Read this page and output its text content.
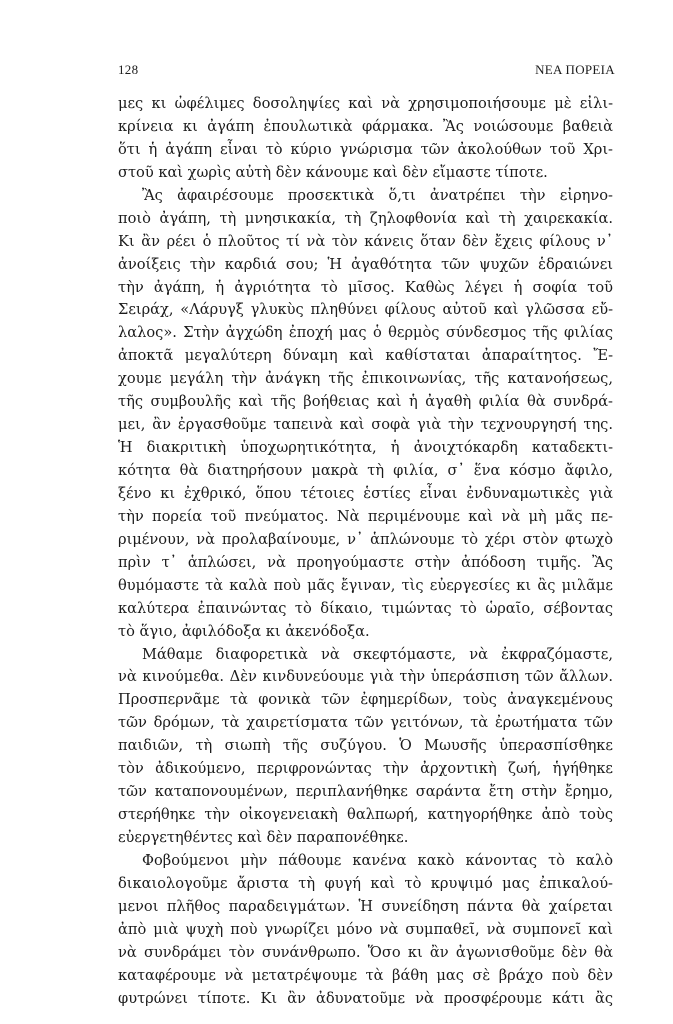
128	ΝΕΑ ΠΟΡΕΙΑ
μες κι ὠφέλιμες δοσοληψίες καὶ νὰ χρησιμοποιήσουμε μὲ εἰλι-
κρίνεια κι ἀγάπη ἐπουλωτικὰ φάρμακα. Ἂς νοιώσουμε βαθειὰ
ὅτι ἡ ἀγάπη εἶναι τὸ κύριο γνώρισμα τῶν ἀκολούθων τοῦ Χρι-
στοῦ καὶ χωρὶς αὐτὴ δὲν κάνουμε καὶ δὲν εἴμαστε τίποτε.
Ἂς ἀφαιρέσουμε προσεκτικὰ ὅ,τι ἀνατρέπει τὴν εἰρηνο-
ποιὸ ἀγάπη, τὴ μνησικακία, τὴ ζηλοφθονία καὶ τὴ χαιρεκακία.
Κι ἂν ρέει ὁ πλοῦτος τί νὰ τὸν κάνεις ὅταν δὲν ἔχεις φίλους ν᾽
ἀνοίξεις τὴν καρδιά σου; Ἡ ἀγαθότητα τῶν ψυχῶν ἑδραιώνει
τὴν ἀγάπη, ἡ ἀγριότητα τὸ μῖσος. Καθὼς λέγει ἡ σοφία τοῦ
Σειράχ, «Λάρυγξ γλυκὺς πληθύνει φίλους αὐτοῦ καὶ γλῶσσα εὔ-
λαλος». Στὴν ἀγχώδη ἐποχή μας ὁ θερμὸς σύνδεσμος τῆς φιλίας
ἀποκτᾶ μεγαλύτερη δύναμη καὶ καθίσταται ἀπαραίτητος. Ἔ-
χουμε μεγάλη τὴν ἀνάγκη τῆς ἐπικοινωνίας, τῆς κατανοήσεως,
τῆς συμβουλῆς καὶ τῆς βοήθειας καὶ ἡ ἀγαθὴ φιλία θὰ συνδρά-
μει, ἂν ἐργασθοῦμε ταπεινὰ καὶ σοφὰ γιὰ τὴν τεχνουργησή της.
Ἡ διακριτικὴ ὑποχωρητικότητα, ἡ ἀνοιχτόκαρδη καταδεκτι-
κότητα θὰ διατηρήσουν μακρὰ τὴ φιλία, σ᾽ ἕνα κόσμο ἄφιλο,
ξένο κι ἐχθρικό, ὅπου τέτοιες ἑστίες εἶναι ἐνδυναμωτικὲς γιὰ
τὴν πορεία τοῦ πνεύματος. Νὰ περιμένουμε καὶ νὰ μὴ μᾶς πε-
ριμένουν, νὰ προλαβαίνουμε, ν᾽ ἁπλώνουμε τὸ χέρι στὸν φτωχὸ
πρὶν τ᾽ ἁπλώσει, νὰ προηγούμαστε στὴν ἀπόδοση τιμῆς. Ἂς
θυμόμαστε τὰ καλὰ ποὺ μᾶς ἔγιναν, τὶς εὐεργεσίες κι ἂς μιλᾶμε
καλύτερα ἐπαινώντας τὸ δίκαιο, τιμώντας τὸ ὡραῖο, σέβοντας
τὸ ἅγιο, ἀφιλόδοξα κι ἀκενόδοξα.
Μάθαμε διαφορετικὰ νὰ σκεφτόμαστε, νὰ ἐκφραζόμαστε,
νὰ κινούμεθα. Δὲν κινδυνεύουμε γιὰ τὴν ὑπεράσπιση τῶν ἄλλων.
Προσπερνᾶμε τὰ φονικὰ τῶν ἐφημερίδων, τοὺς ἀναγκεμένους
τῶν δρόμων, τὰ χαιρετίσματα τῶν γειτόνων, τὰ ἐρωτήματα τῶν
παιδιῶν, τὴ σιωπὴ τῆς συζύγου. Ὁ Μωυσῆς ὑπερασπίσθηκε
τὸν ἀδικούμενο, περιφρονώντας τὴν ἀρχοντικὴ ζωή, ἡγήθηκε
τῶν καταπονουμένων, περιπλανήθηκε σαράντα ἔτη στὴν ἔρημο,
στερήθηκε τὴν οἰκογενειακὴ θαλπωρή, κατηγορήθηκε ἀπὸ τοὺς
εὐεργετηθέντες καὶ δὲν παραπονέθηκε.
Φοβούμενοι μὴν πάθουμε κανένα κακὸ κάνοντας τὸ καλὸ
δικαιολογοῦμε ἄριστα τὴ φυγή καὶ τὸ κρυψιμό μας ἐπικαλού-
μενοι πλῆθος παραδειγμάτων. Ἡ συνείδηση πάντα θὰ χαίρεται
ἀπὸ μιὰ ψυχὴ ποὺ γνωρίζει μόνο νὰ συμπαθεῖ, νὰ συμπονεῖ καὶ
νὰ συνδράμει τὸν συνάνθρωπο. Ὅσο κι ἂν ἀγωνισθοῦμε δὲν θὰ
καταφέρουμε νὰ μετατρέψουμε τὰ βάθη μας σὲ βράχο ποὺ δὲν
φυτρώνει τίποτε. Κι ἂν ἀδυνατοῦμε νὰ προσφέρουμε κάτι ἂς
